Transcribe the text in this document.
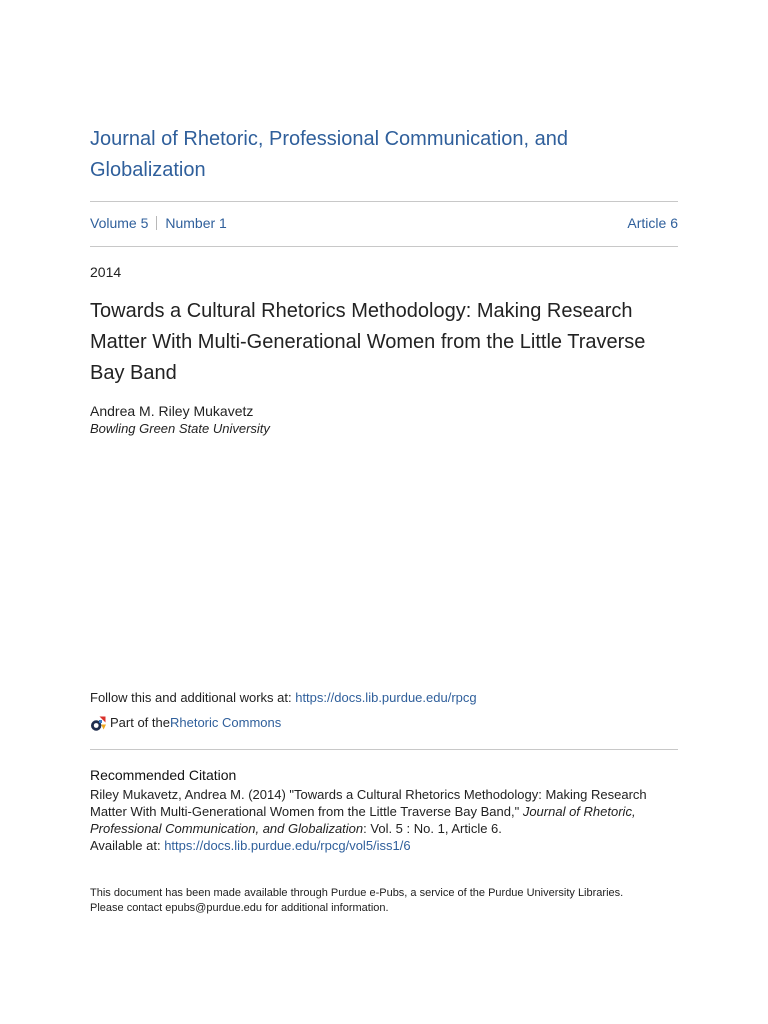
Journal of Rhetoric, Professional Communication, and Globalization
Volume 5 Number 1	Article 6
2014
Towards a Cultural Rhetorics Methodology: Making Research Matter With Multi-Generational Women from the Little Traverse Bay Band
Andrea M. Riley Mukavetz
Bowling Green State University
Follow this and additional works at: https://docs.lib.purdue.edu/rpcg
Part of the Rhetoric Commons
Recommended Citation
Riley Mukavetz, Andrea M. (2014) "Towards a Cultural Rhetorics Methodology: Making Research Matter With Multi-Generational Women from the Little Traverse Bay Band," Journal of Rhetoric, Professional Communication, and Globalization: Vol. 5 : No. 1, Article 6.
Available at: https://docs.lib.purdue.edu/rpcg/vol5/iss1/6
This document has been made available through Purdue e-Pubs, a service of the Purdue University Libraries.
Please contact epubs@purdue.edu for additional information.
